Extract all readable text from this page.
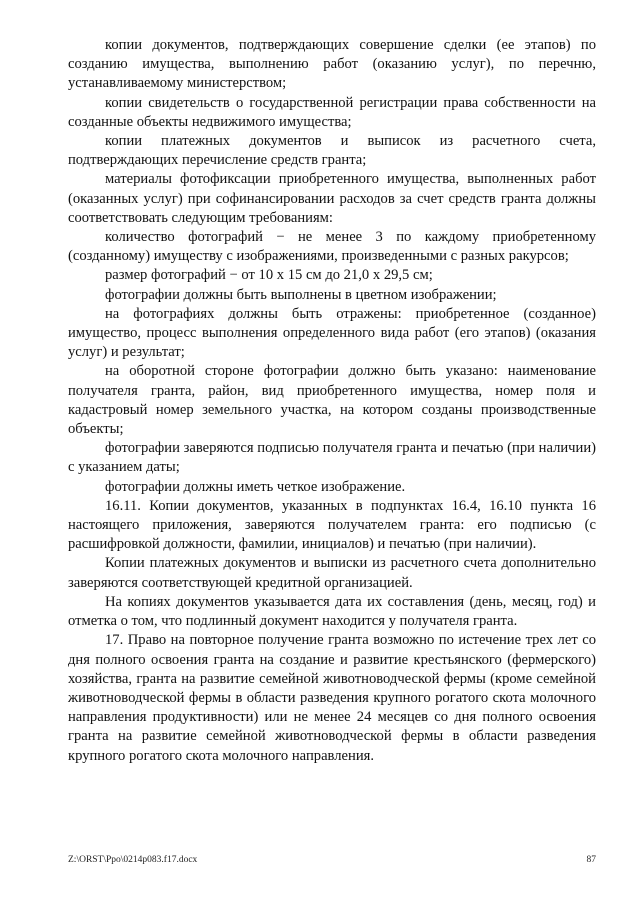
копии документов, подтверждающих совершение сделки (ее этапов) по созданию имущества, выполнению работ (оказанию услуг), по перечню, устанавливаемому министерством;

копии свидетельств о государственной регистрации права собственности на созданные объекты недвижимого имущества;

копии платежных документов и выписок из расчетного счета, подтверждающих перечисление средств гранта;

материалы фотофиксации приобретенного имущества, выполненных работ (оказанных услуг) при софинансировании расходов за счет средств гранта должны соответствовать следующим требованиям:

количество фотографий − не менее 3 по каждому приобретенному (созданному) имуществу с изображениями, произведенными с разных ракурсов;

размер фотографий − от 10 х 15 см до 21,0 х 29,5 см;

фотографии должны быть выполнены в цветном изображении;

на фотографиях должны быть отражены: приобретенное (созданное) имущество, процесс выполнения определенного вида работ (его этапов) (оказания услуг) и результат;

на оборотной стороне фотографии должно быть указано: наименование получателя гранта, район, вид приобретенного имущества, номер поля и кадастровый номер земельного участка, на котором созданы производственные объекты;

фотографии заверяются подписью получателя гранта и печатью (при наличии) с указанием даты;

фотографии должны иметь четкое изображение.

16.11. Копии документов, указанных в подпунктах 16.4, 16.10 пункта 16 настоящего приложения, заверяются получателем гранта: его подписью (с расшифровкой должности, фамилии, инициалов) и печатью (при наличии).

Копии платежных документов и выписки из расчетного счета дополнительно заверяются соответствующей кредитной организацией.

На копиях документов указывается дата их составления (день, месяц, год) и отметка о том, что подлинный документ находится у получателя гранта.

17. Право на повторное получение гранта возможно по истечение трех лет со дня полного освоения гранта на создание и развитие крестьянского (фермерского) хозяйства, гранта на развитие семейной животноводческой фермы (кроме семейной животноводческой фермы в области разведения крупного рогатого скота молочного направления продуктивности) или не менее 24 месяцев со дня полного освоения гранта на развитие семейной животноводческой фермы в области разведения крупного рогатого скота молочного направления.

Z:\ORST\Ppo\0214p083.f17.docx	87
